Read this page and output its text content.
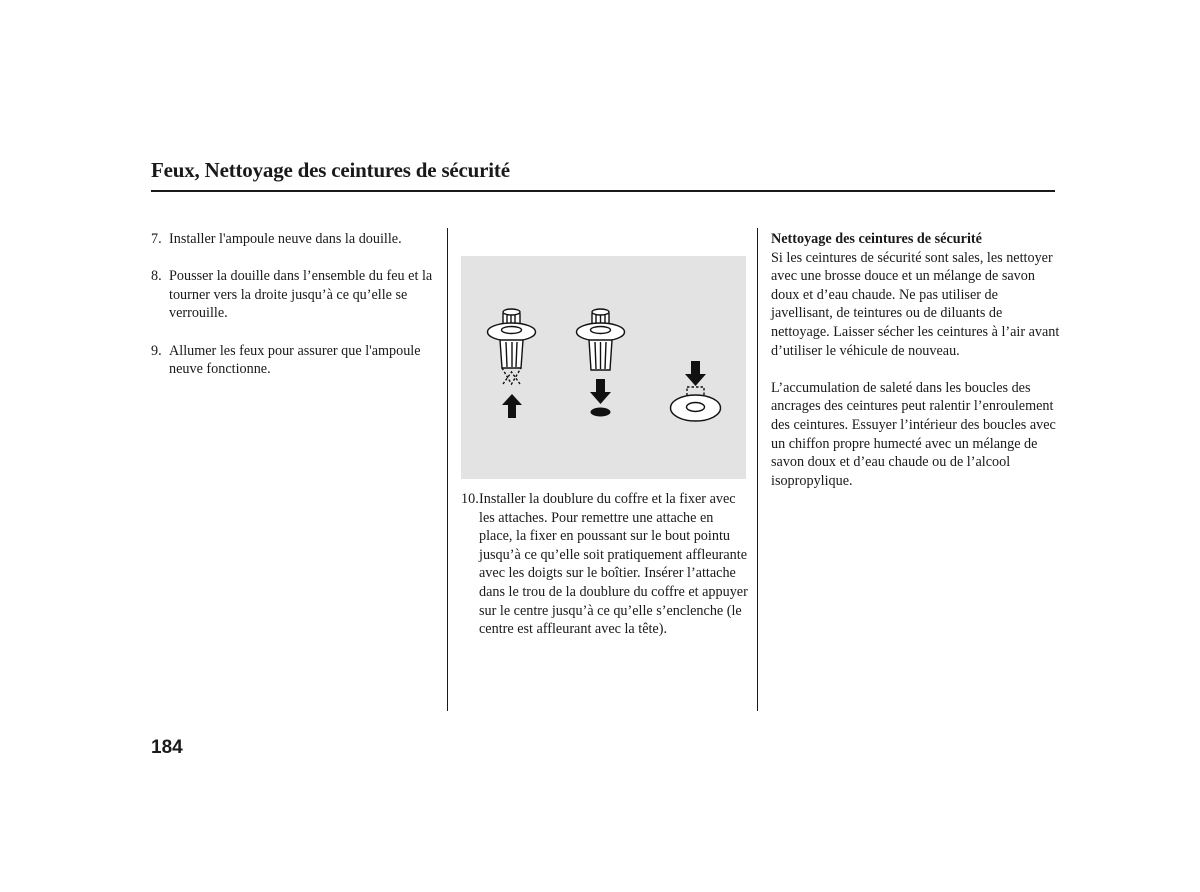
Feux, Nettoyage des ceintures de sécurité
7. Installer l'ampoule neuve dans la douille.
8. Pousser la douille dans l’ensemble du feu et la tourner vers la droite jusqu’à ce qu’elle se verrouille.
9. Allumer les feux pour assurer que l'ampoule neuve fonctionne.
10. Installer la doublure du coffre et la fixer avec les attaches. Pour remettre une attache en place, la fixer en poussant sur le bout pointu jusqu’à ce qu’elle soit pratiquement affleurante avec les doigts sur le boîtier. Insérer l’attache dans le trou de la doublure du coffre et appuyer sur le centre jusqu’à ce qu’elle s’enclenche (le centre est affleurant avec la tête).
Nettoyage des ceintures de sécurité

Si les ceintures de sécurité sont sales, les nettoyer avec une brosse douce et un mélange de savon doux et d’eau chaude. Ne pas utiliser de javellisant, de teintures ou de diluants de nettoyage. Laisser sécher les ceintures à l’air avant d’utiliser le véhicule de nouveau.

L’accumulation de saleté dans les boucles des ancrages des ceintures peut ralentir l’enroulement des ceintures. Essuyer l’intérieur des boucles avec un chiffon propre humecté avec un mélange de savon doux et d’eau chaude ou de l’alcool isopropylique.

184
